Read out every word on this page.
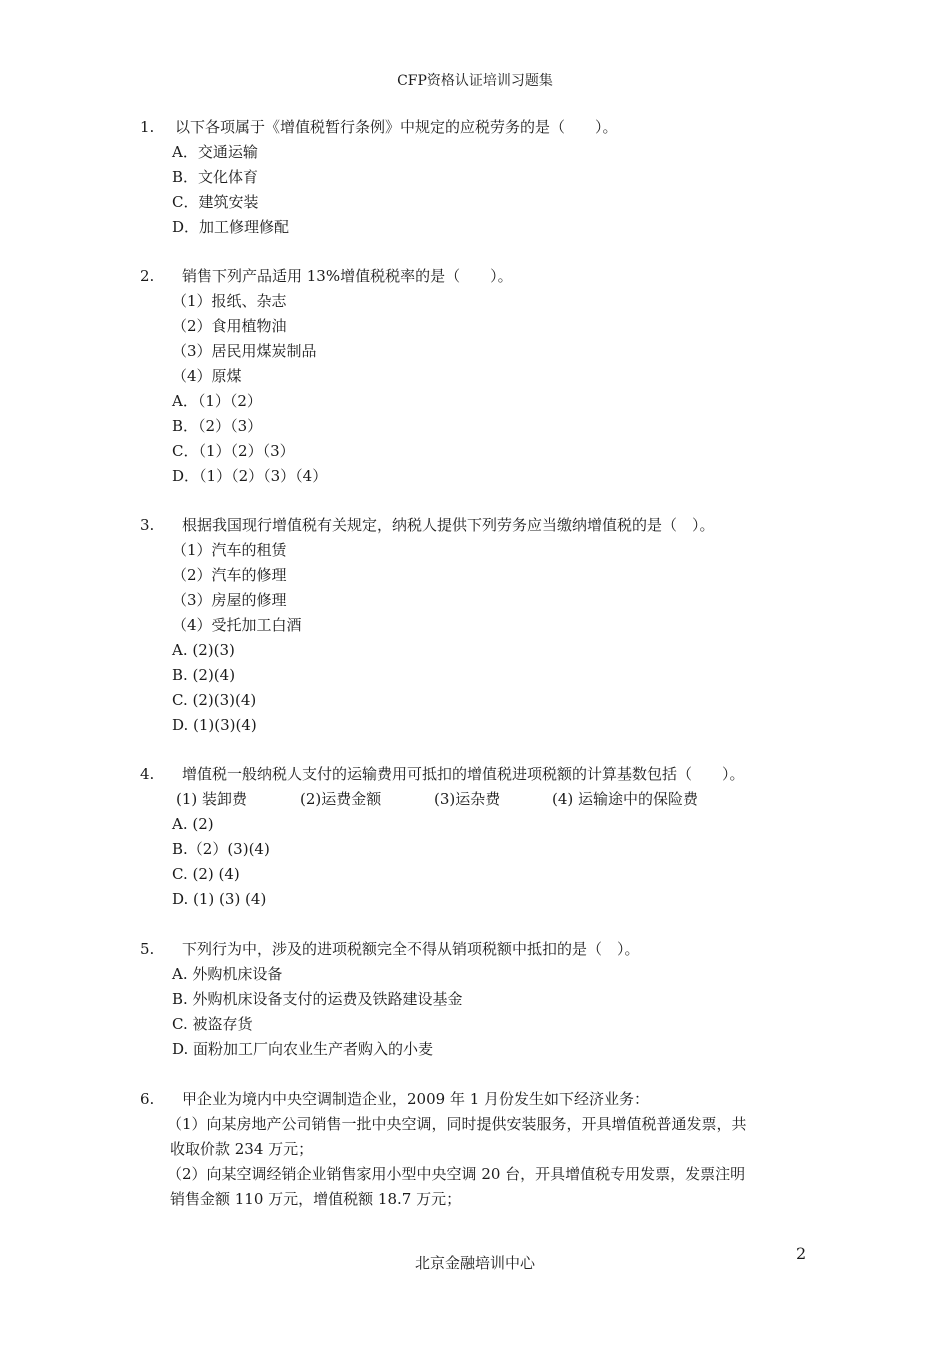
CFP资格认证培训习题集
1.	以下各项属于《增值税暂行条例》中规定的应税劳务的是（　　）。
A．交通运输
B．文化体育
C．建筑安装
D．加工修理修配
2.	销售下列产品适用 13%增值税税率的是（　　）。
（1）报纸、杂志
（2）食用植物油
（3）居民用煤炭制品
（4）原煤
A．（1）（2）
B．（2）（3）
C．（1）（2）（3）
D．（1）（2）（3）（4）
3.	根据我国现行增值税有关规定，纳税人提供下列劳务应当缴纳增值税的是（　）。
（1）汽车的租赁
（2）汽车的修理
（3）房屋的修理
（4）受托加工白酒
A. (2)(3)
B. (2)(4)
C. (2)(3)(4)
D. (1)(3)(4)
4.	增值税一般纳税人支付的运输费用可抵扣的增值税进项税额的计算基数包括（　　）。
(1) 装卸费	(2)运费金额	(3)运杂费	(4) 运输途中的保险费
A. (2)
B.（2）(3)(4)
C. (2) (4)
D. (1) (3) (4)
5.	下列行为中，涉及的进项税额完全不得从销项税额中抵扣的是（　）。
A. 外购机床设备
B. 外购机床设备支付的运费及铁路建设基金
C. 被盗存货
D. 面粉加工厂向农业生产者购入的小麦
6.	甲企业为境内中央空调制造企业，2009 年 1 月份发生如下经济业务：
（1）向某房地产公司销售一批中央空调，同时提供安装服务，开具增值税普通发票，共
收取价款 234 万元；
（2）向某空调经销企业销售家用小型中央空调 20 台，开具增值税专用发票，发票注明
销售金额 110 万元，增值税额 18.7 万元；
北京金融培训中心	2
